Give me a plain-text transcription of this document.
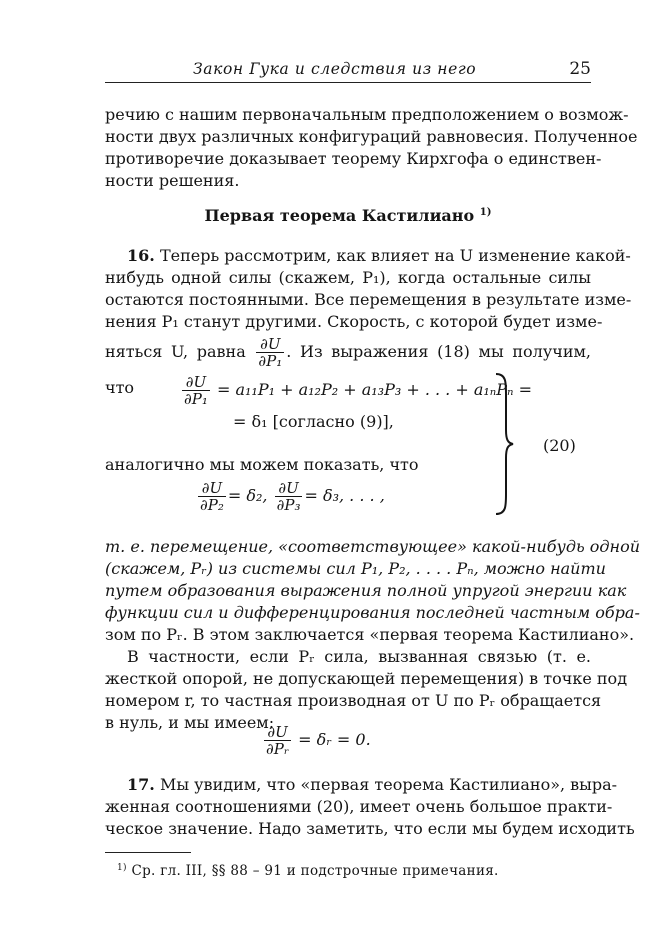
Закон Гука и следствия из него	25
речию с нашим первоначальным предположением о возмож-
ности двух различных конфигураций равновесия. Полученное
противоречие доказывает теорему Кирхгофа о единствен-
ности решения.
Первая теорема Кастилиано $^{1)}$
16. Теперь рассмотрим, как влияет на U изменение какой-
нибудь одной силы (скажем, P₁), когда остальные силы
остаются постоянными. Все перемещения в результате изме-
нения P₁ станут другими. Скорость, с которой будет изме-
няться U, равна $\frac{\partial U}{\text{∂P₁}}$ . Из выражения (18) мы получим, что	$\frac{\partial U}{\text{∂P₁}} = a_{11}P_1 + a_{12}P_2 + a_{13}P_3$ + . . . + a₁ₙPₙ =
= δ₁ [согласно (9)],
аналогично мы можем показать, что
$\frac{\partial U}{\text{∂P₂}} = \delta_2$, $\frac{\partial U}{\text{∂P₃}} = \delta_3$, . . . ,
(20)
т. е. перемещение, «соответствующее» какой-нибудь одной
(скажем, Pᵣ) из системы сил P₁, P₂, . . . . Pₙ, можно найти
путем образования выражения полной упругой энергии как
функции сил и дифференцирования последней частным обра-
зом по Pᵣ. В этом заключается «первая теорема Кастилиано».
В частности, если Pᵣ сила, вызванная связью (т. е.
жесткой опорой, не допускающей перемещения) в точке под
номером r, то частная производная от U по Pᵣ обращается
в нуль, и мы имеем:
$\frac{\partial U}{\text{∂Pᵣ}}$ = δᵣ = 0.
17. Мы увидим, что «первая теорема Кастилиано», выра-
женная соотношениями (20), имеет очень большое практи-
ческое значение. Надо заметить, что если мы будем исходить
$^{1)}$ Ср. гл. III, §§ 88 – 91 и подстрочные примечания.
